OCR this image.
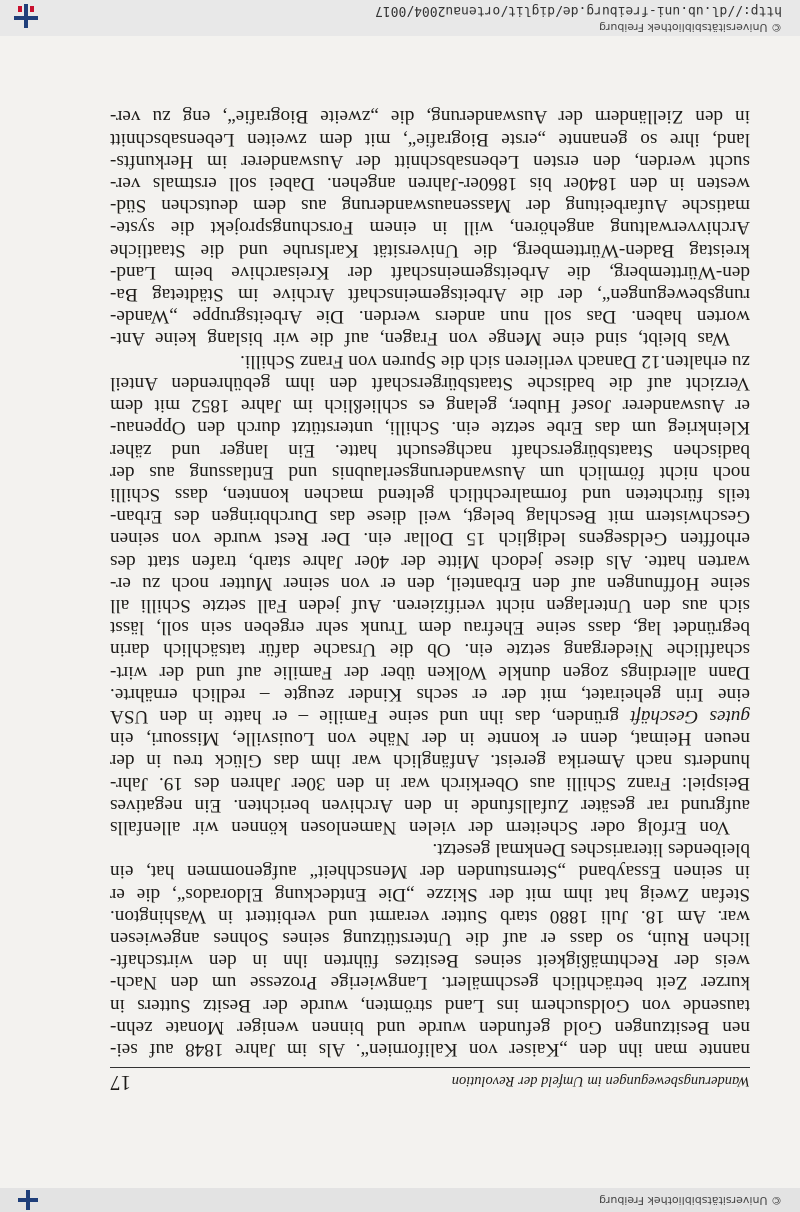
© Universitätsbibliothek Freiburg
17	Wanderungsbewegungen im Umfeld der Revolution
nannte man ihn den „Kaiser von Kalifornien“. Als im Jahre 1848 auf sei-
nen Besitzungen Gold gefunden wurde und binnen weniger Monate zehn-
tausende von Goldsuchern ins Land strömten, wurde der Besitz Sutters in
kurzer Zeit beträchtlich geschmälert. Langwierige Prozesse um den Nach-
weis der Rechtmäßigkeit seines Besitzes führten ihn in den wirtschaft-
lichen Ruin, so dass er auf die Unterstützung seines Sohnes angewiesen
war. Am 18. Juli 1880 starb Sutter verarmt und verbittert in Washington.
Stefan Zweig hat ihm mit der Skizze „Die Entdeckung Eldorados“, die er
in seinen Essayband „Sternstunden der Menschheit“ aufgenommen hat, ein
bleibendes literarisches Denkmal gesetzt.
Von Erfolg oder Scheitern der vielen Namenlosen können wir allenfalls
aufgrund rar gesäter Zufallsfunde in den Archiven berichten. Ein negatives
Beispiel: Franz Schilli aus Oberkirch war in den 30er Jahren des 19. Jahr-
hunderts nach Amerika gereist. Anfänglich war ihm das Glück treu in der
neuen Heimat, denn er konnte in der Nähe von Louisville, Missouri, ein
gutes Geschäft gründen, das ihn und seine Familie – er hatte in den USA
eine Irin geheiratet, mit der er sechs Kinder zeugte – redlich ernährte.
Dann allerdings zogen dunkle Wolken über der Familie auf und der wirt-
schaftliche Niedergang setzte ein. Ob die Ursache dafür tatsächlich darin
begründet lag, dass seine Ehefrau dem Trunk sehr ergeben sein soll, lässt
sich aus den Unterlagen nicht verifizieren. Auf jeden Fall setzte Schilli all
seine Hoffnungen auf den Erbanteil, den er von seiner Mutter noch zu er-
warten hatte. Als diese jedoch Mitte der 40er Jahre starb, trafen statt des
erhofften Geldsegens lediglich 15 Dollar ein. Der Rest wurde von seinen
Geschwistern mit Beschlag belegt, weil diese das Durchbringen des Erban-
teils fürchteten und formalrechtlich geltend machen konnten, dass Schilli
noch nicht förmlich um Auswanderungserlaubnis und Entlassung aus der
badischen Staatsbürgerschaft nachgesucht hatte. Ein langer und zäher
Kleinkrieg um das Erbe setzte ein. Schilli, unterstützt durch den Oppenau-
er Auswanderer Josef Huber, gelang es schließlich im Jahre 1852 mit dem
Verzicht auf die badische Staatsbürgerschaft den ihm gebührenden Anteil
zu erhalten.12 Danach verlieren sich die Spuren von Franz Schilli.
Was bleibt, sind eine Menge von Fragen, auf die wir bislang keine Ant-
worten haben. Das soll nun anders werden. Die Arbeitsgruppe „Wande-
rungsbewegungen“, der die Arbeitsgemeinschaft Archive im Städtetag Ba-
den-Württemberg, die Arbeitsgemeinschaft der Kreisarchive beim Land-
kreistag Baden-Württemberg, die Universität Karlsruhe und die Staatliche
Archivverwaltung angehören, will in einem Forschungsprojekt die syste-
matische Aufarbeitung der Massenauswanderung aus dem deutschen Süd-
westen in den 1840er bis 1860er-Jahren angehen. Dabei soll erstmals ver-
sucht werden, den ersten Lebensabschnitt der Auswanderer im Herkunfts-
land, ihre so genannte „erste Biografie“, mit dem zweiten Lebensabschnitt
in den Zielländern der Auswanderung, die „zweite Biografie“, eng zu ver-
http://dl.ub.uni-freiburg.de/diglit/ortenau2004/0017
© Universitätsbibliothek Freiburg
